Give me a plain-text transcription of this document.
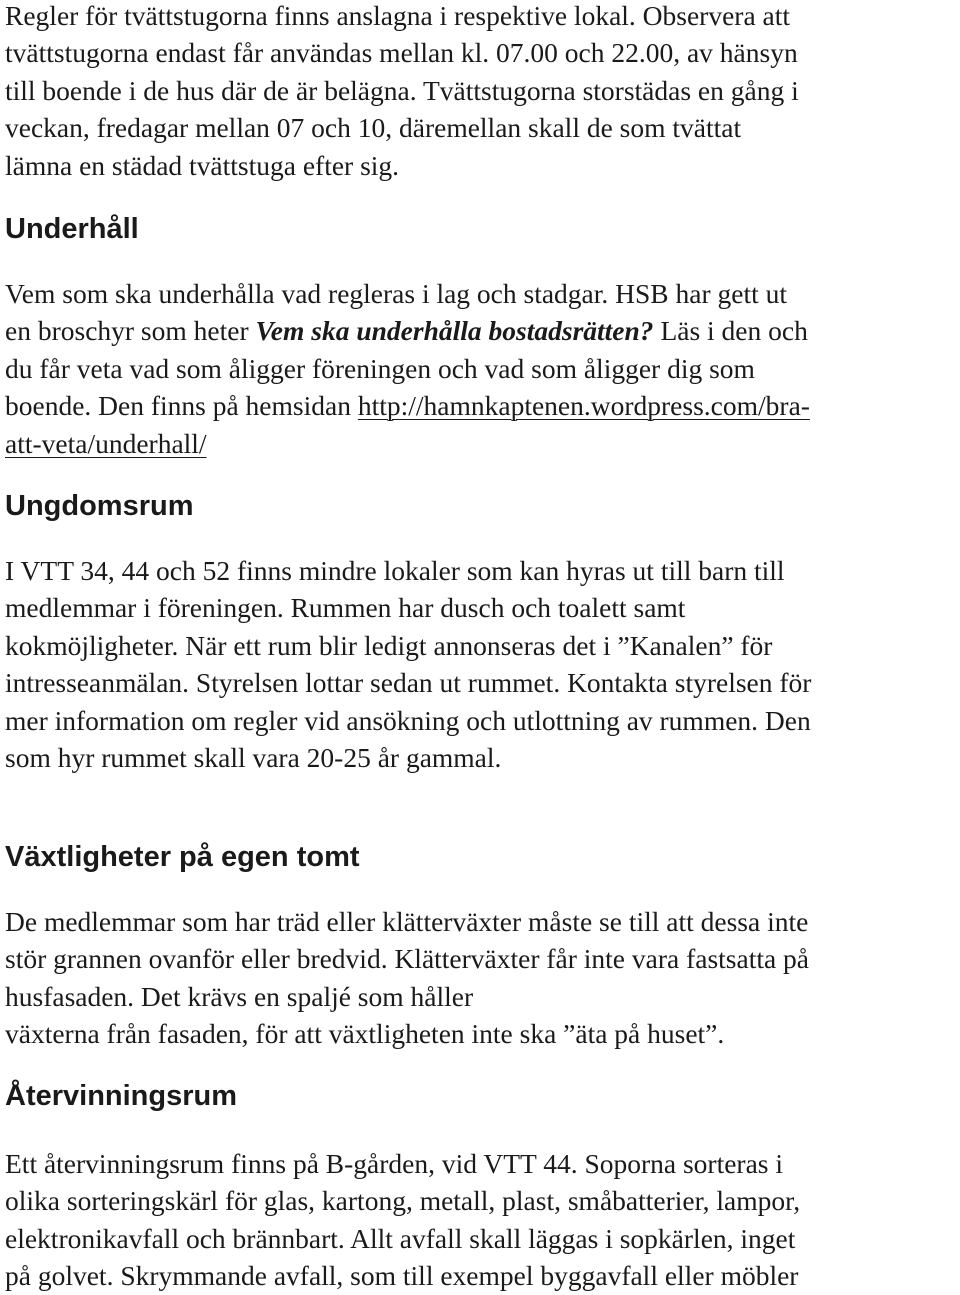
Regler för tvättstugorna finns anslagna i respektive lokal. Observera att
tvättstugorna endast får användas mellan kl. 07.00 och 22.00, av hänsyn
till boende i de hus där de är belägna. Tvättstugorna storstädas en gång i
veckan, fredagar mellan 07 och 10, däremellan skall de som tvättat
lämna en städad tvättstuga efter sig.
Underhåll
Vem som ska underhålla vad regleras i lag och stadgar. HSB har gett ut
en broschyr som heter Vem ska underhålla bostadsrätten? Läs i den och
du får veta vad som åligger föreningen och vad som åligger dig som
boende. Den finns på hemsidan http://hamnkaptenen.wordpress.com/bra-
att-veta/underhall/
Ungdomsrum
I VTT 34, 44 och 52 finns mindre lokaler som kan hyras ut till barn till
medlemmar i föreningen. Rummen har dusch och toalett samt
kokmöjligheter. När ett rum blir ledigt annonseras det i ”Kanalen” för
intresseanmälan. Styrelsen lottar sedan ut rummet. Kontakta styrelsen för
mer information om regler vid ansökning och utlottning av rummen. Den
som hyr rummet skall vara 20-25 år gammal.
Växtligheter på egen tomt
De medlemmar som har träd eller klätterväxter måste se till att dessa inte
stör grannen ovanför eller bredvid. Klätterväxter får inte vara fastsatta på
husfasaden. Det krävs en spaljé som håller
växterna från fasaden, för att växtligheten inte ska ”äta på huset”.
Återvinningsrum
Ett återvinningsrum finns på B-gården, vid VTT 44. Soporna sorteras i
olika sorteringskärl för glas, kartong, metall, plast, småbatterier, lampor,
elektronikavfall och brännbart. Allt avfall skall läggas i sopkärlen, inget
på golvet. Skrymmande avfall, som till exempel byggavfall eller möbler
